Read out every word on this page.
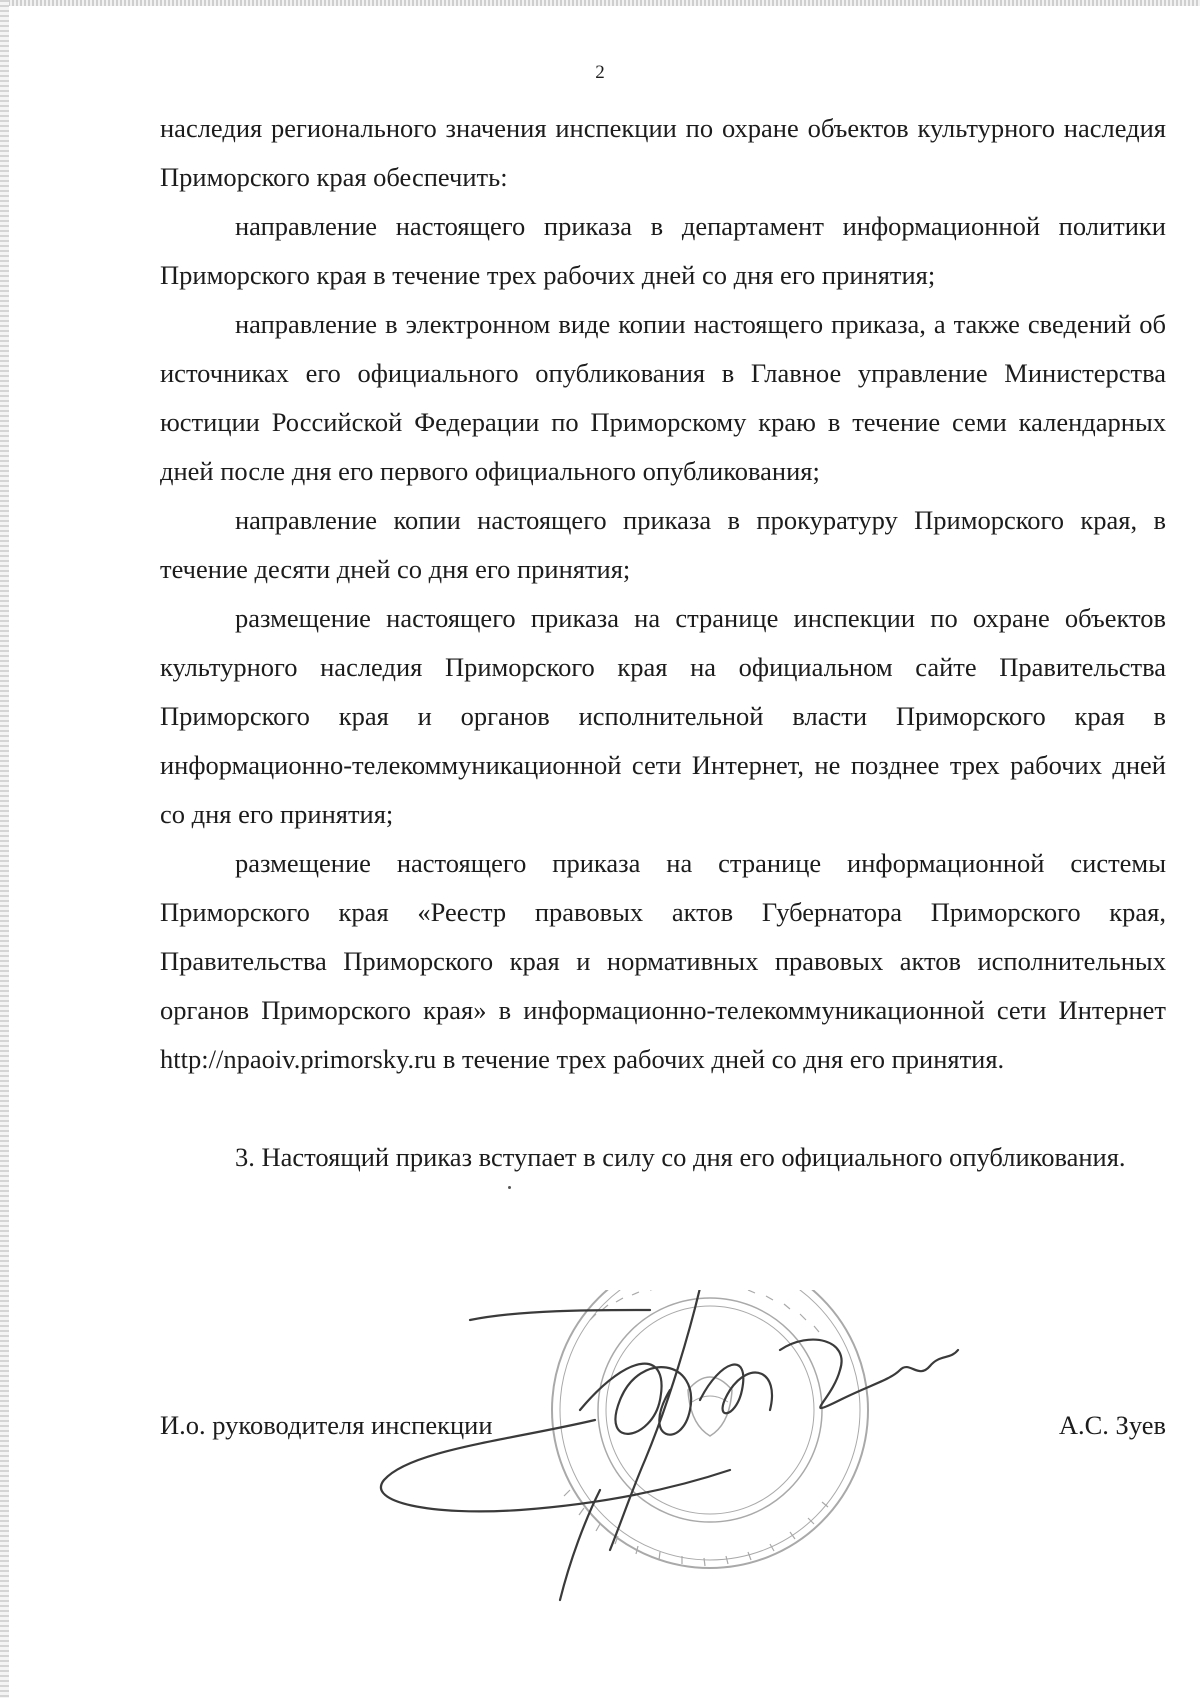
2

наследия регионального значения инспекции по охране объектов культурного наследия Приморского края обеспечить:

направление настоящего приказа в департамент информационной политики Приморского края в течение трех рабочих дней со дня его принятия;

направление в электронном виде копии настоящего приказа, а также сведений об источниках его официального опубликования в Главное управление Министерства юстиции Российской Федерации по Приморскому краю в течение семи календарных дней после дня его первого официального опубликования;

направление копии настоящего приказа в прокуратуру Приморского края, в течение десяти дней со дня его принятия;

размещение настоящего приказа на странице инспекции по охране объектов культурного наследия Приморского края на официальном сайте Правительства Приморского края и органов исполнительной власти Приморского края в информационно-телекоммуникационной сети Интернет, не позднее трех рабочих дней со дня его принятия;

размещение настоящего приказа на странице информационной системы Приморского края «Реестр правовых актов Губернатора Приморского края, Правительства Приморского края и нормативных правовых актов исполнительных органов Приморского края» в информационно-телекоммуникационной сети Интернет http://npaoiv.primorsky.ru в течение трех рабочих дней со дня его принятия.

3. Настоящий приказ вступает в силу со дня его официального опубликования.

И.о. руководителя инспекции	А.С. Зуев
